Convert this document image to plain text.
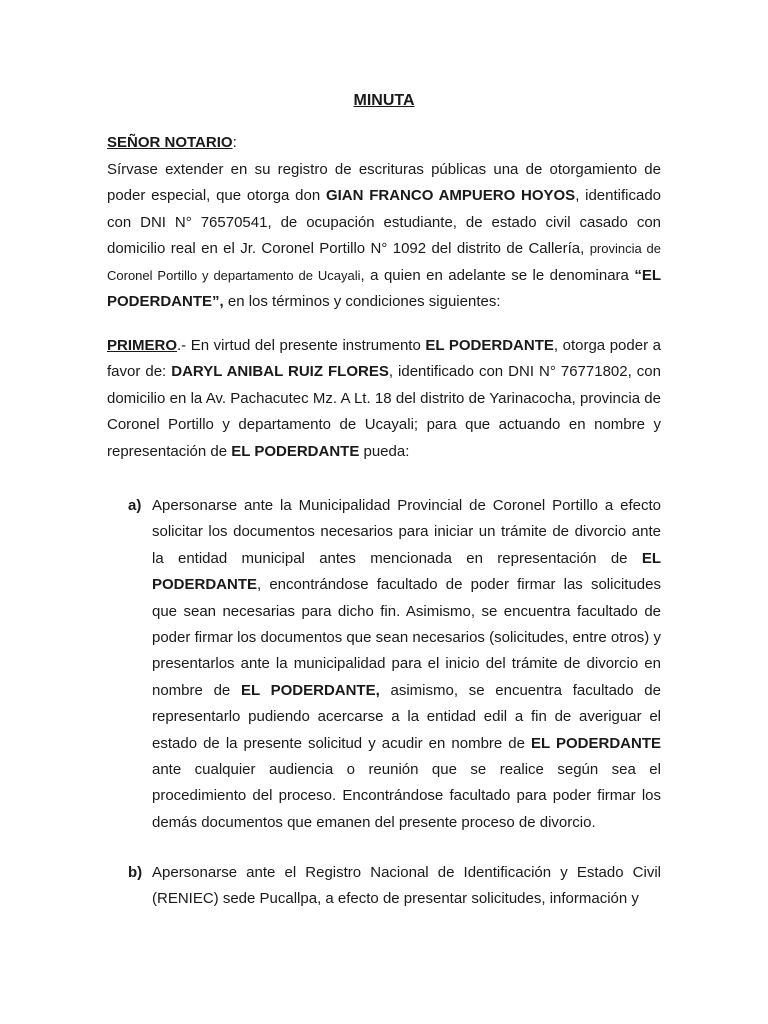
MINUTA

SEÑOR NOTARIO:

Sírvase extender en su registro de escrituras públicas una de otorgamiento de poder especial, que otorga don GIAN FRANCO AMPUERO HOYOS, identificado con DNI N° 76570541, de ocupación estudiante, de estado civil casado con domicilio real en el Jr. Coronel Portillo N° 1092 del distrito de Callería, provincia de Coronel Portillo y departamento de Ucayali, a quien en adelante se le denominara “EL PODERDANTE”, en los términos y condiciones siguientes:

PRIMERO.- En virtud del presente instrumento EL PODERDANTE, otorga poder a favor de: DARYL ANIBAL RUIZ FLORES, identificado con DNI N° 76771802, con domicilio en la Av. Pachacutec Mz. A Lt. 18 del distrito de Yarinacocha, provincia de Coronel Portillo y departamento de Ucayali; para que actuando en nombre y representación de EL PODERDANTE pueda:

a) Apersonarse ante la Municipalidad Provincial de Coronel Portillo a efecto solicitar los documentos necesarios para iniciar un trámite de divorcio ante la entidad municipal antes mencionada en representación de EL PODERDANTE, encontrándose facultado de poder firmar las solicitudes que sean necesarias para dicho fin. Asimismo, se encuentra facultado de poder firmar los documentos que sean necesarios (solicitudes, entre otros) y presentarlos ante la municipalidad para el inicio del trámite de divorcio en nombre de EL PODERDANTE, asimismo, se encuentra facultado de representarlo pudiendo acercarse a la entidad edil a fin de averiguar el estado de la presente solicitud y acudir en nombre de EL PODERDANTE ante cualquier audiencia o reunión que se realice según sea el procedimiento del proceso. Encontrándose facultado para poder firmar los demás documentos que emanen del presente proceso de divorcio.

b) Apersonarse ante el Registro Nacional de Identificación y Estado Civil (RENIEC) sede Pucallpa, a efecto de presentar solicitudes, información y
